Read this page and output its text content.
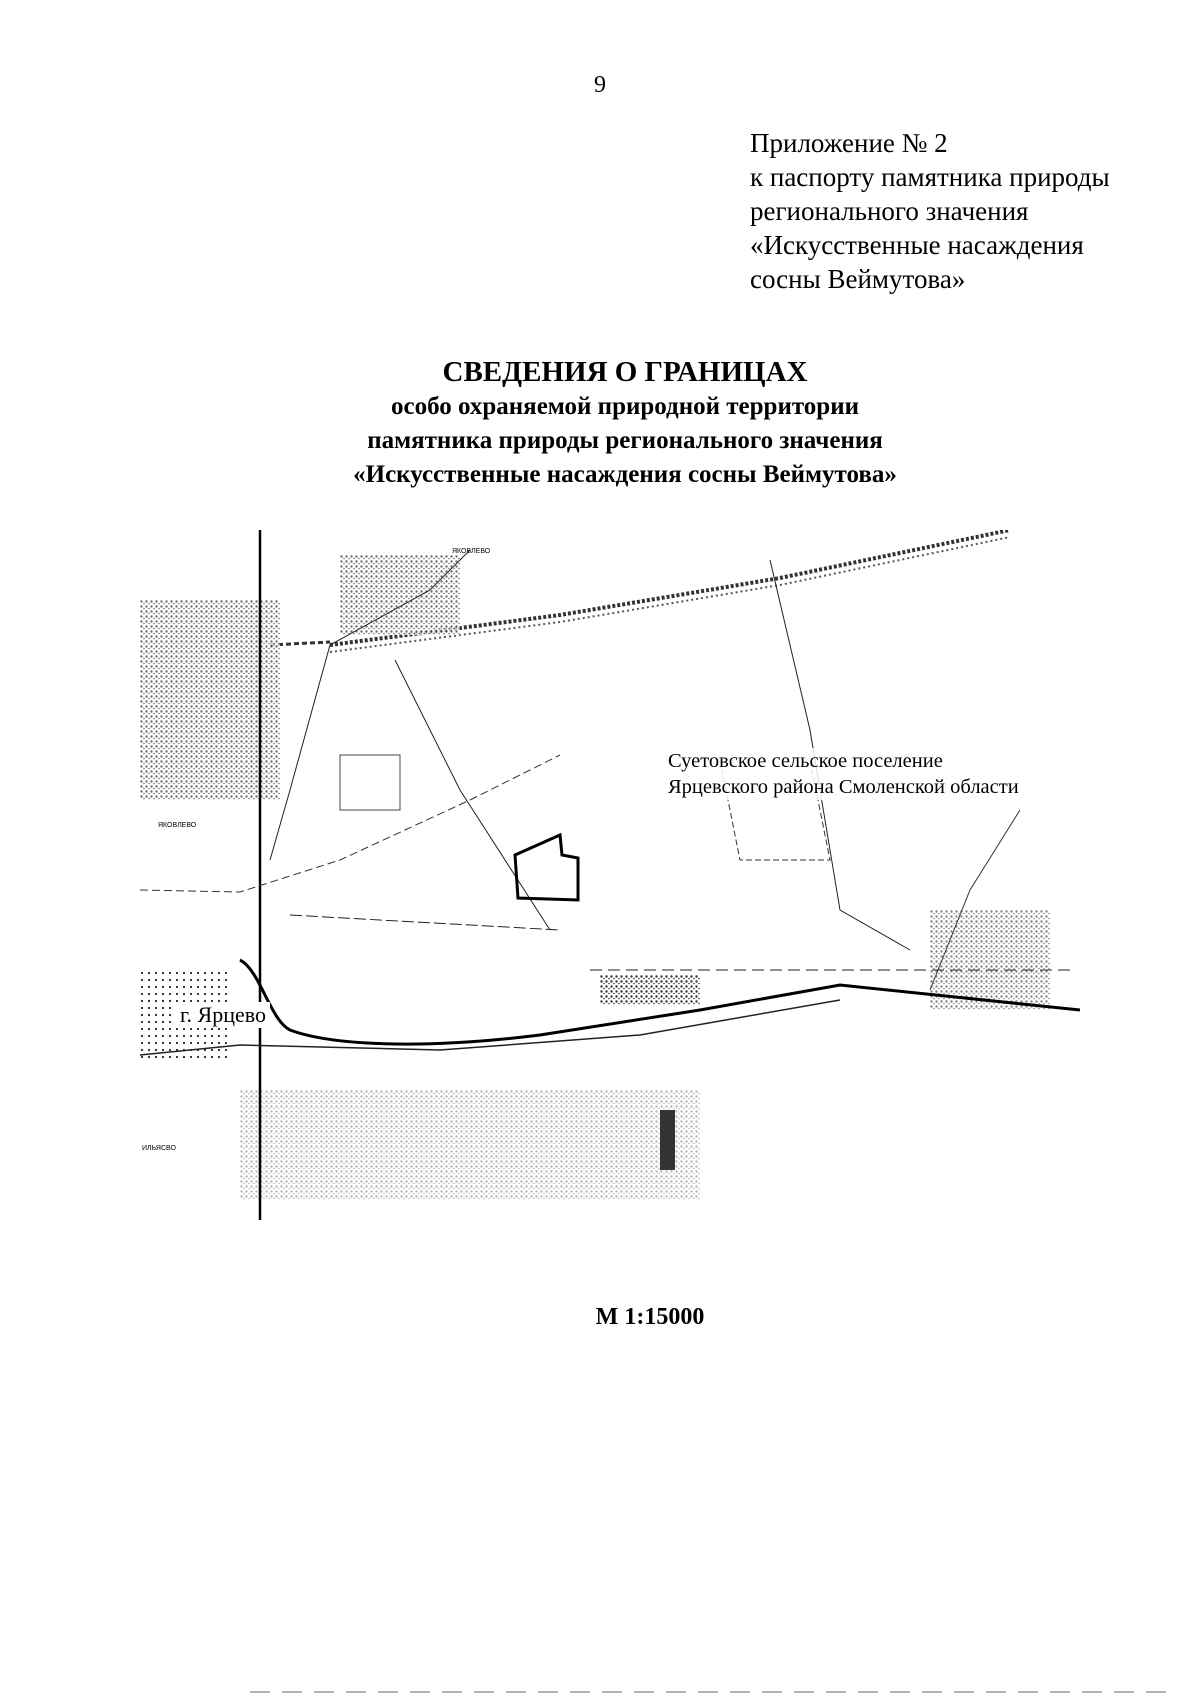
9
Приложение № 2
к паспорту памятника природы
регионального значения
«Искусственные насаждения
сосны Веймутова»
СВЕДЕНИЯ О ГРАНИЦАХ
особо охраняемой природной территории
памятника природы регионального значения
«Искусственные насаждения сосны Веймутова»
ЯКОВЛЕВО
ЯКОВЛЕВО
ИЛЬЯСВО
Суетовское сельское поселение
Ярцевского района Смоленской области
г. Ярцево
М 1:15000
